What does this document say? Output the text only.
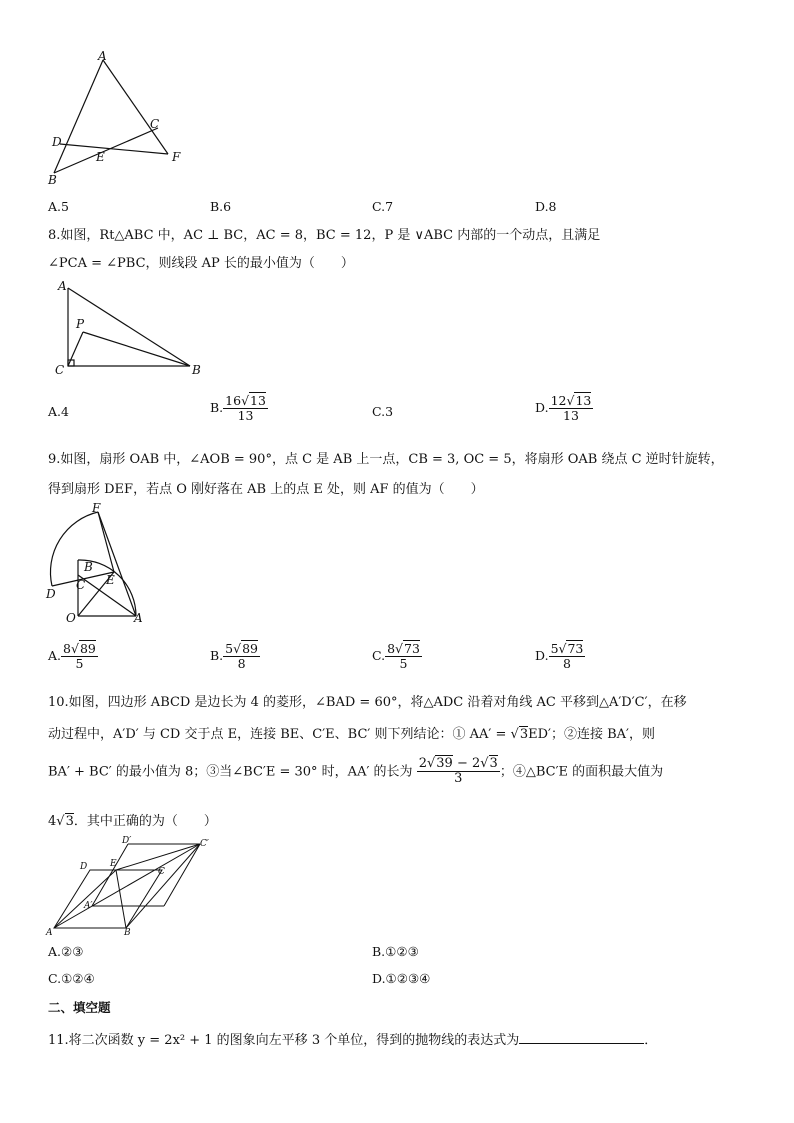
A
C
D
E	F
B
A.5	B.6	C.7	D.8
8.如图，Rt△ABC 中，AC ⊥ BC，AC = 8，BC = 12，P 是 ∨ABC 内部的一个动点，且满足
∠PCA = ∠PBC，则线段 AP 长的最小值为（　　）
A
P
C	B
A.4	B. $\frac{16√13}{13}$	C.3	D. $\frac{12√13}{13}$
9.如图，扇形 OAB 中，∠AOB = 90°，点 C 是 AB 上一点，CB = 3, OC = 5，将扇形 OAB 绕点 C 逆时针旋转，
得到扇形 DEF，若点 O 刚好落在 AB 上的点 E 处，则 AF 的值为（　　）
F
B
C E
D
O	A
A. $\frac{8√89}{5}$	B. $\frac{5√89}{8}$	C. $\frac{8√73}{5}$	D. $\frac{5√73}{8}$
10.如图，四边形 ABCD 是边长为 4 的菱形，∠BAD = 60°，将△ADC 沿着对角线 AC 平移到△A′D′C′，在移
动过程中，A′D′ 与 CD 交于点 E，连接 BE、C′E、BC′ 则下列结论：① AA′ = √3ED′；②连接 BA′，则
BA′ + BC′ 的最小值为 8；③当∠BC′E = 30° 时，AA′ 的长为 $\frac{2√39 - 2√3}{3}$ ；④△BC′E 的面积最大值为
4√3．其中正确的为（　　）
D′	C′
D	E
C
A′
A	B
A.②③	B.①②③
C.①②④	D.①②③④
二、填空题
11.将二次函数 y = 2x² + 1 的图象向左平移 3 个单位，得到的抛物线的表达式为	．
